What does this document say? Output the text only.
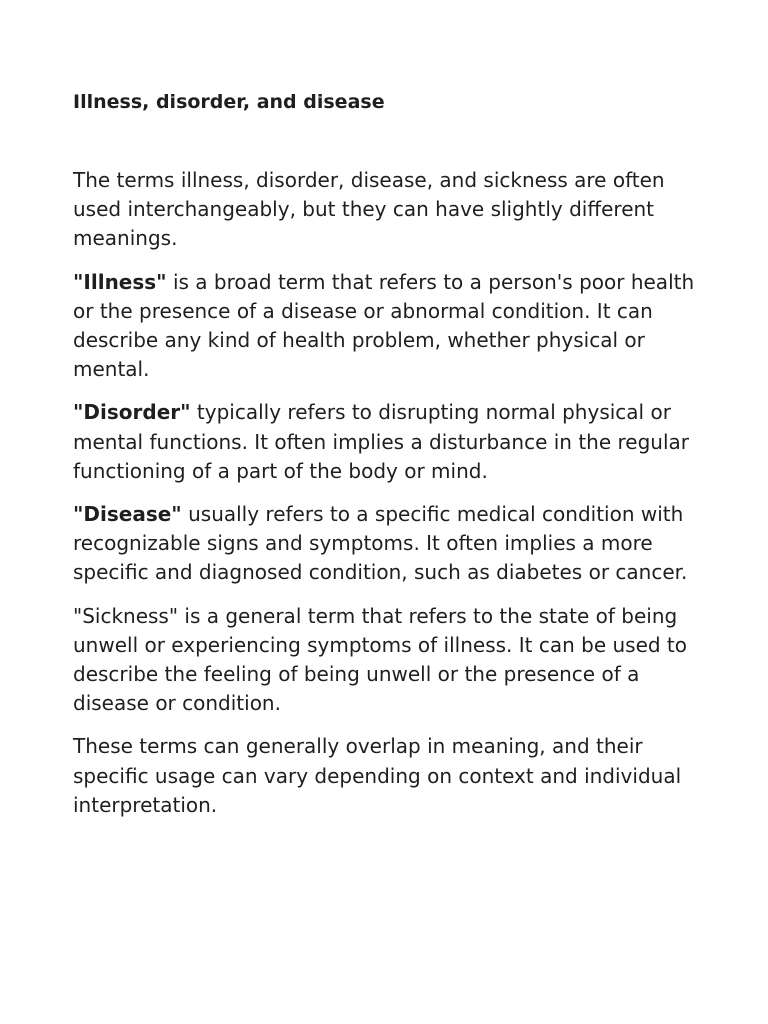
Illness, disorder, and disease

The terms illness, disorder, disease, and sickness are often used interchangeably, but they can have slightly different meanings.

"Illness" is a broad term that refers to a person's poor health or the presence of a disease or abnormal condition. It can describe any kind of health problem, whether physical or mental.

"Disorder" typically refers to disrupting normal physical or mental functions. It often implies a disturbance in the regular functioning of a part of the body or mind.

"Disease" usually refers to a specific medical condition with recognizable signs and symptoms. It often implies a more specific and diagnosed condition, such as diabetes or cancer.

"Sickness" is a general term that refers to the state of being unwell or experiencing symptoms of illness. It can be used to describe the feeling of being unwell or the presence of a disease or condition.

These terms can generally overlap in meaning, and their specific usage can vary depending on context and individual interpretation.
